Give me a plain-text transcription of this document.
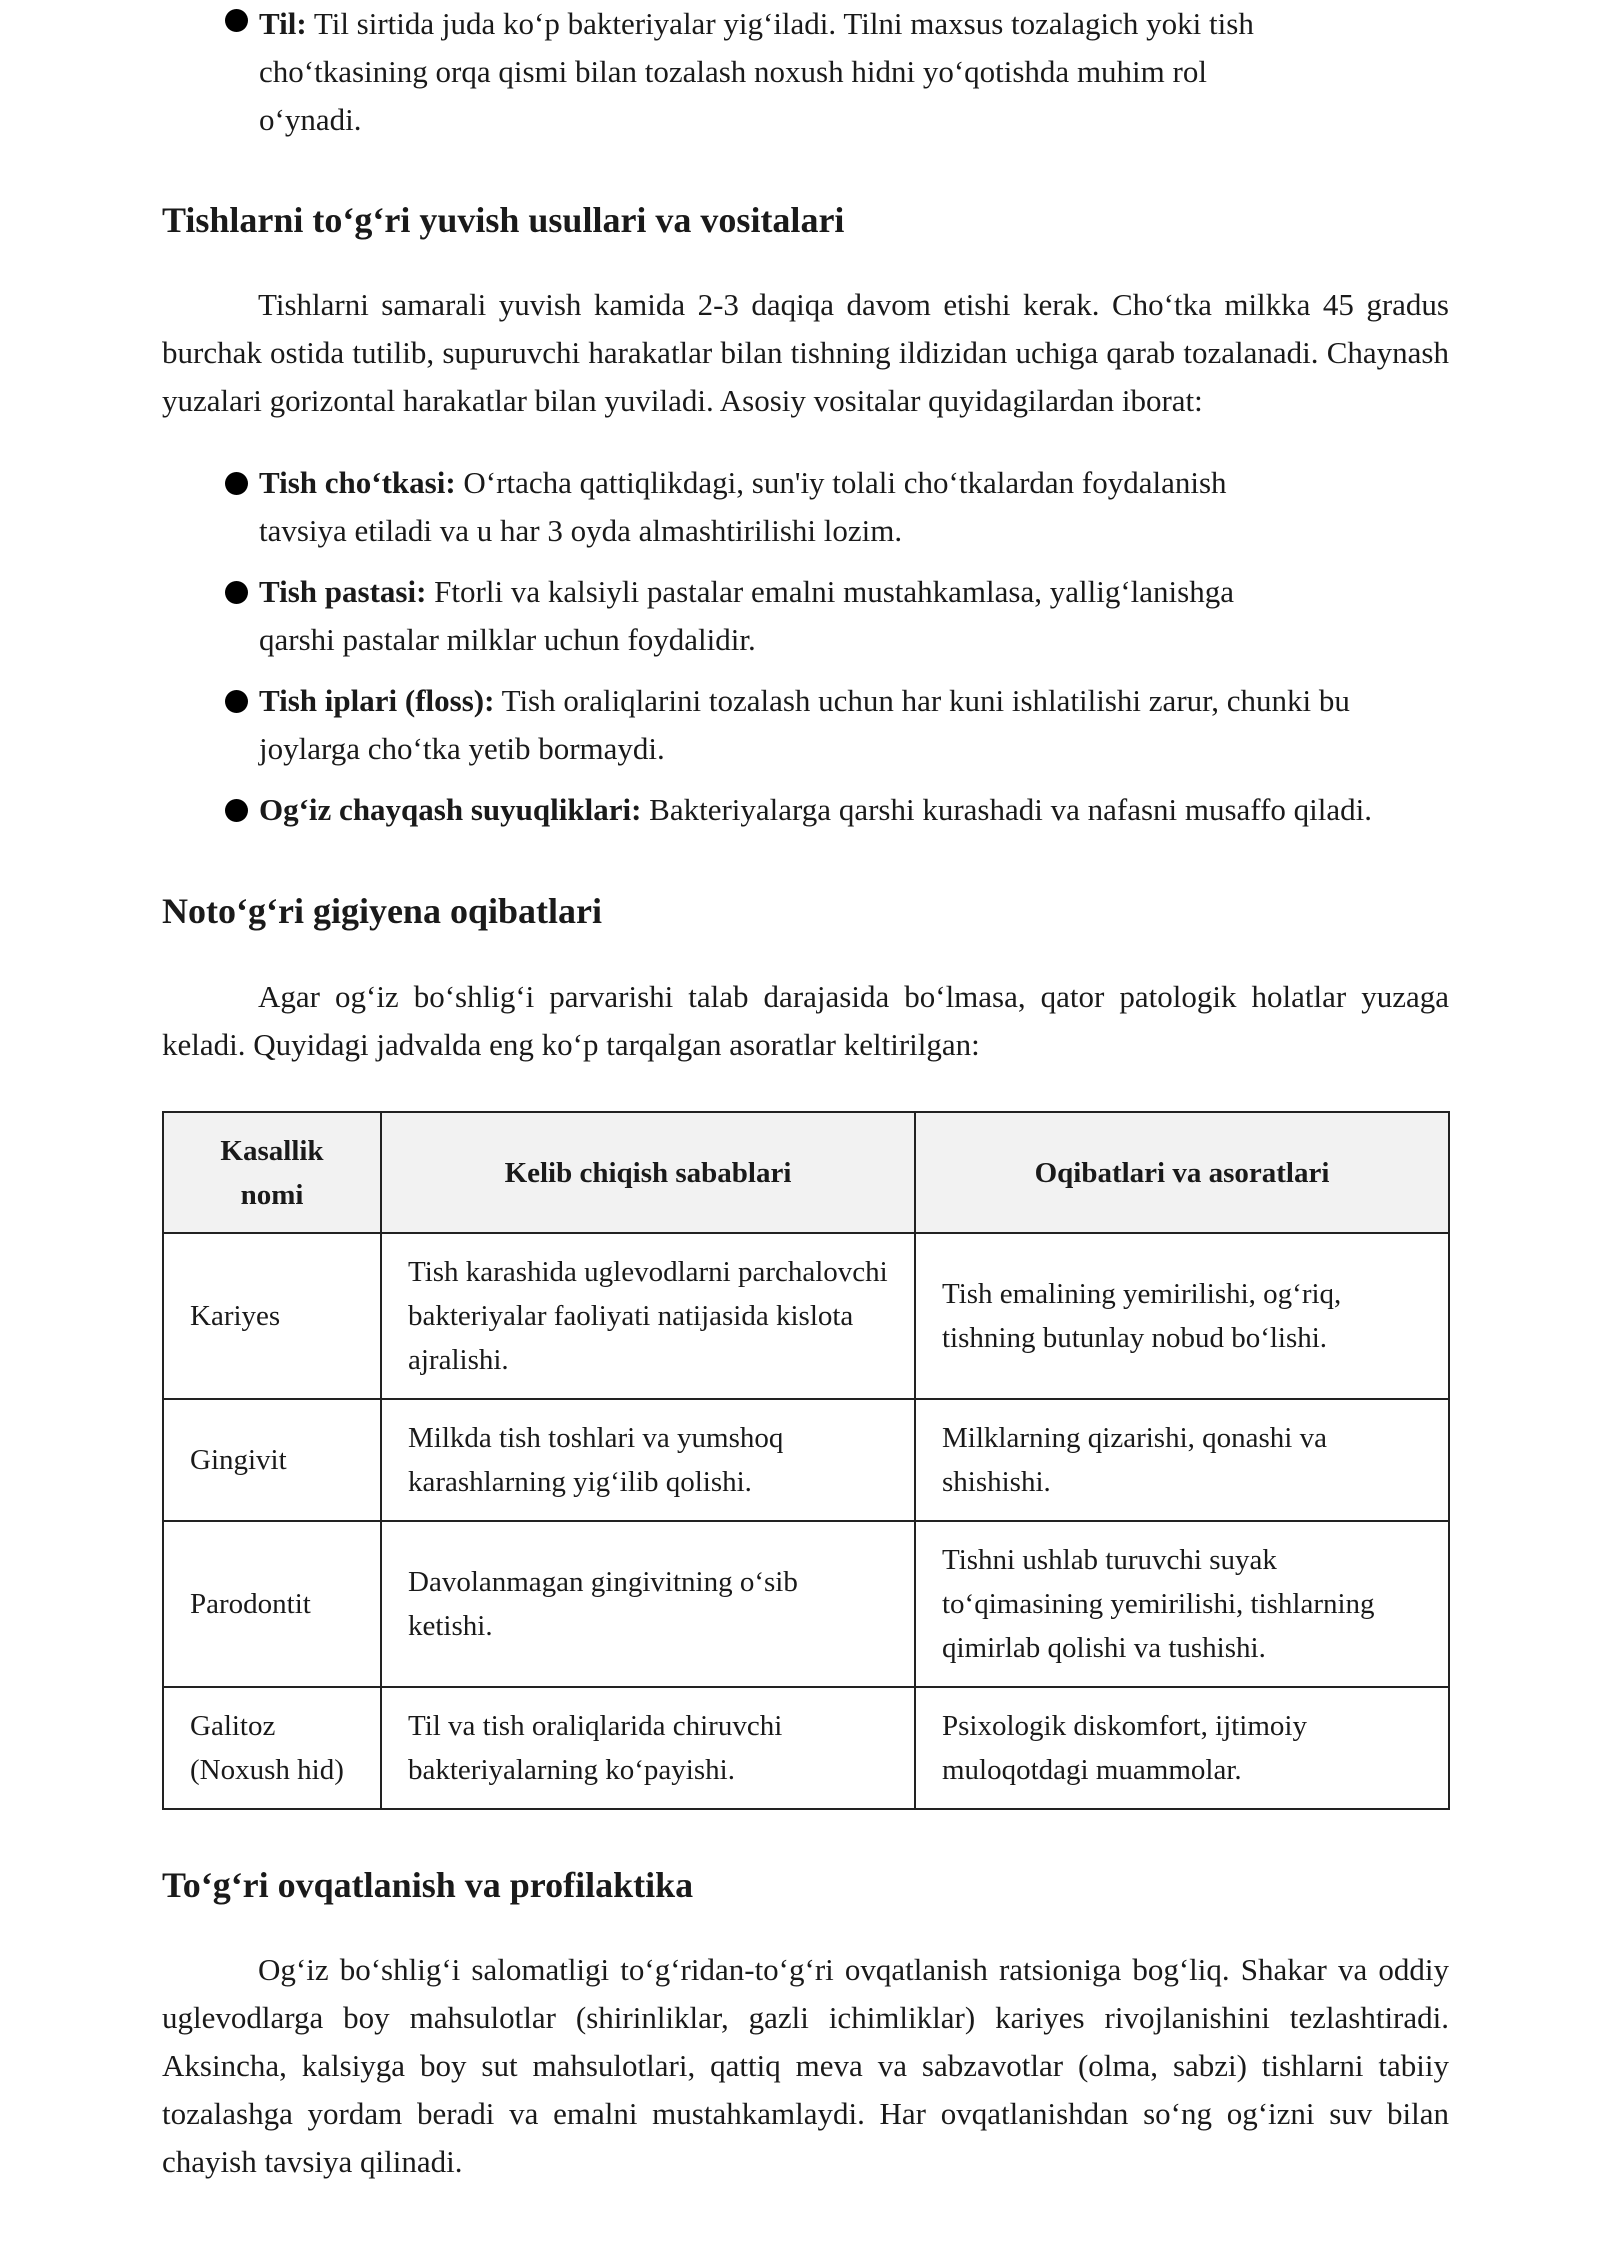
Til: Til sirtida juda ko‘p bakteriyalar yig‘iladi. Tilni maxsus tozalagich yoki tish cho‘tkasining orqa qismi bilan tozalash noxush hidni yo‘qotishda muhim rol o‘ynadi.
Tishlarni to‘g‘ri yuvish usullari va vositalari

Tishlarni samarali yuvish kamida 2-3 daqiqa davom etishi kerak. Cho‘tka milkka 45 gradus burchak ostida tutilib, supuruvchi harakatlar bilan tishning ildizidan uchiga qarab tozalanadi. Chaynash yuzalari gorizontal harakatlar bilan yuviladi. Asosiy vositalar quyidagilardan iborat:

Tish cho‘tkasi: O‘rtacha qattiqlikdagi, sun'iy tolali cho‘tkalardan foydalanish tavsiya etiladi va u har 3 oyda almashtirilishi lozim.
Tish pastasi: Ftorli va kalsiyli pastalar emalni mustahkamlasa, yallig‘lanishga qarshi pastalar milklar uchun foydalidir.
Tish iplari (floss): Tish oraliqlarini tozalash uchun har kuni ishlatilishi zarur, chunki bu joylarga cho‘tka yetib bormaydi.
Og‘iz chayqash suyuqliklari: Bakteriyalarga qarshi kurashadi va nafasni musaffo qiladi.
Noto‘g‘ri gigiyena oqibatlari

Agar og‘iz bo‘shlig‘i parvarishi talab darajasida bo‘lmasa, qator patologik holatlar yuzaga keladi. Quyidagi jadvalda eng ko‘p tarqalgan asoratlar keltirilgan:

Kasallik nomi	Kelib chiqish sabablari	Oqibatlari va asoratlari
Kariyes	Tish karashida uglevodlarni parchalovchi bakteriyalar faoliyati natijasida kislota ajralishi.	Tish emalining yemirilishi, og‘riq, tishning butunlay nobud bo‘lishi.
Gingivit	Milkda tish toshlari va yumshoq karashlarning yig‘ilib qolishi.	Milklarning qizarishi, qonashi va shishishi.
Parodontit	Davolanmagan gingivitning o‘sib ketishi.	Tishni ushlab turuvchi suyak to‘qimasining yemirilishi, tishlarning qimirlab qolishi va tushishi.
Galitoz (Noxush hid)	Til va tish oraliqlarida chiruvchi bakteriyalarning ko‘payishi.	Psixologik diskomfort, ijtimoiy muloqotdagi muammolar.
To‘g‘ri ovqatlanish va profilaktika

Og‘iz bo‘shlig‘i salomatligi to‘g‘ridan-to‘g‘ri ovqatlanish ratsioniga bog‘liq. Shakar va oddiy uglevodlarga boy mahsulotlar (shirinliklar, gazli ichimliklar) kariyes rivojlanishini tezlashtiradi. Aksincha, kalsiyga boy sut mahsulotlari, qattiq meva va sabzavotlar (olma, sabzi) tishlarni tabiiy tozalashga yordam beradi va emalni mustahkamlaydi. Har ovqatlanishdan so‘ng og‘izni suv bilan chayish tavsiya qilinadi.
